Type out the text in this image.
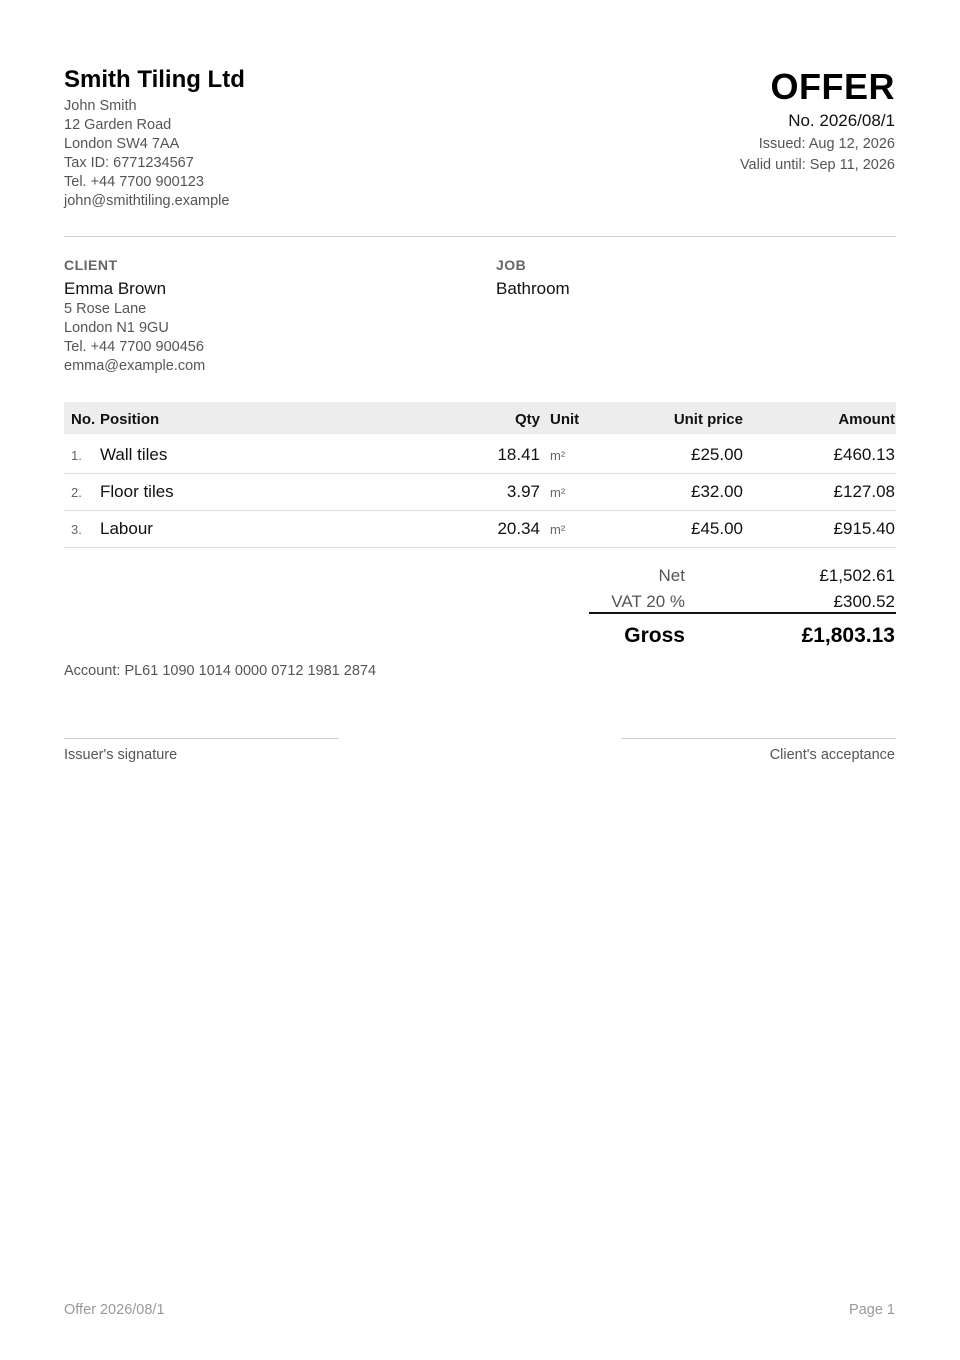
Smith Tiling Ltd
John Smith
12 Garden Road
London SW4 7AA
Tax ID: 6771234567
Tel. +44 7700 900123
john@smithtiling.example
OFFER
No. 2026/08/1
Issued: Aug 12, 2026
Valid until: Sep 11, 2026
CLIENT
Emma Brown
5 Rose Lane
London N1 9GU
Tel. +44 7700 900456
emma@example.com
JOB
Bathroom
No. Position	Qty Unit	Unit price	Amount
1. Wall tiles	18.41 m²	£25.00	£460.13
2. Floor tiles	3.97 m²	£32.00	£127.08
3. Labour	20.34 m²	£45.00	£915.40
Net	£1,502.61
VAT 20 %	£300.52
Gross	£1,803.13
Account: PL61 1090 1014 0000 0712 1981 2874
Issuer's signature	Client's acceptance
Offer 2026/08/1	Page 1
